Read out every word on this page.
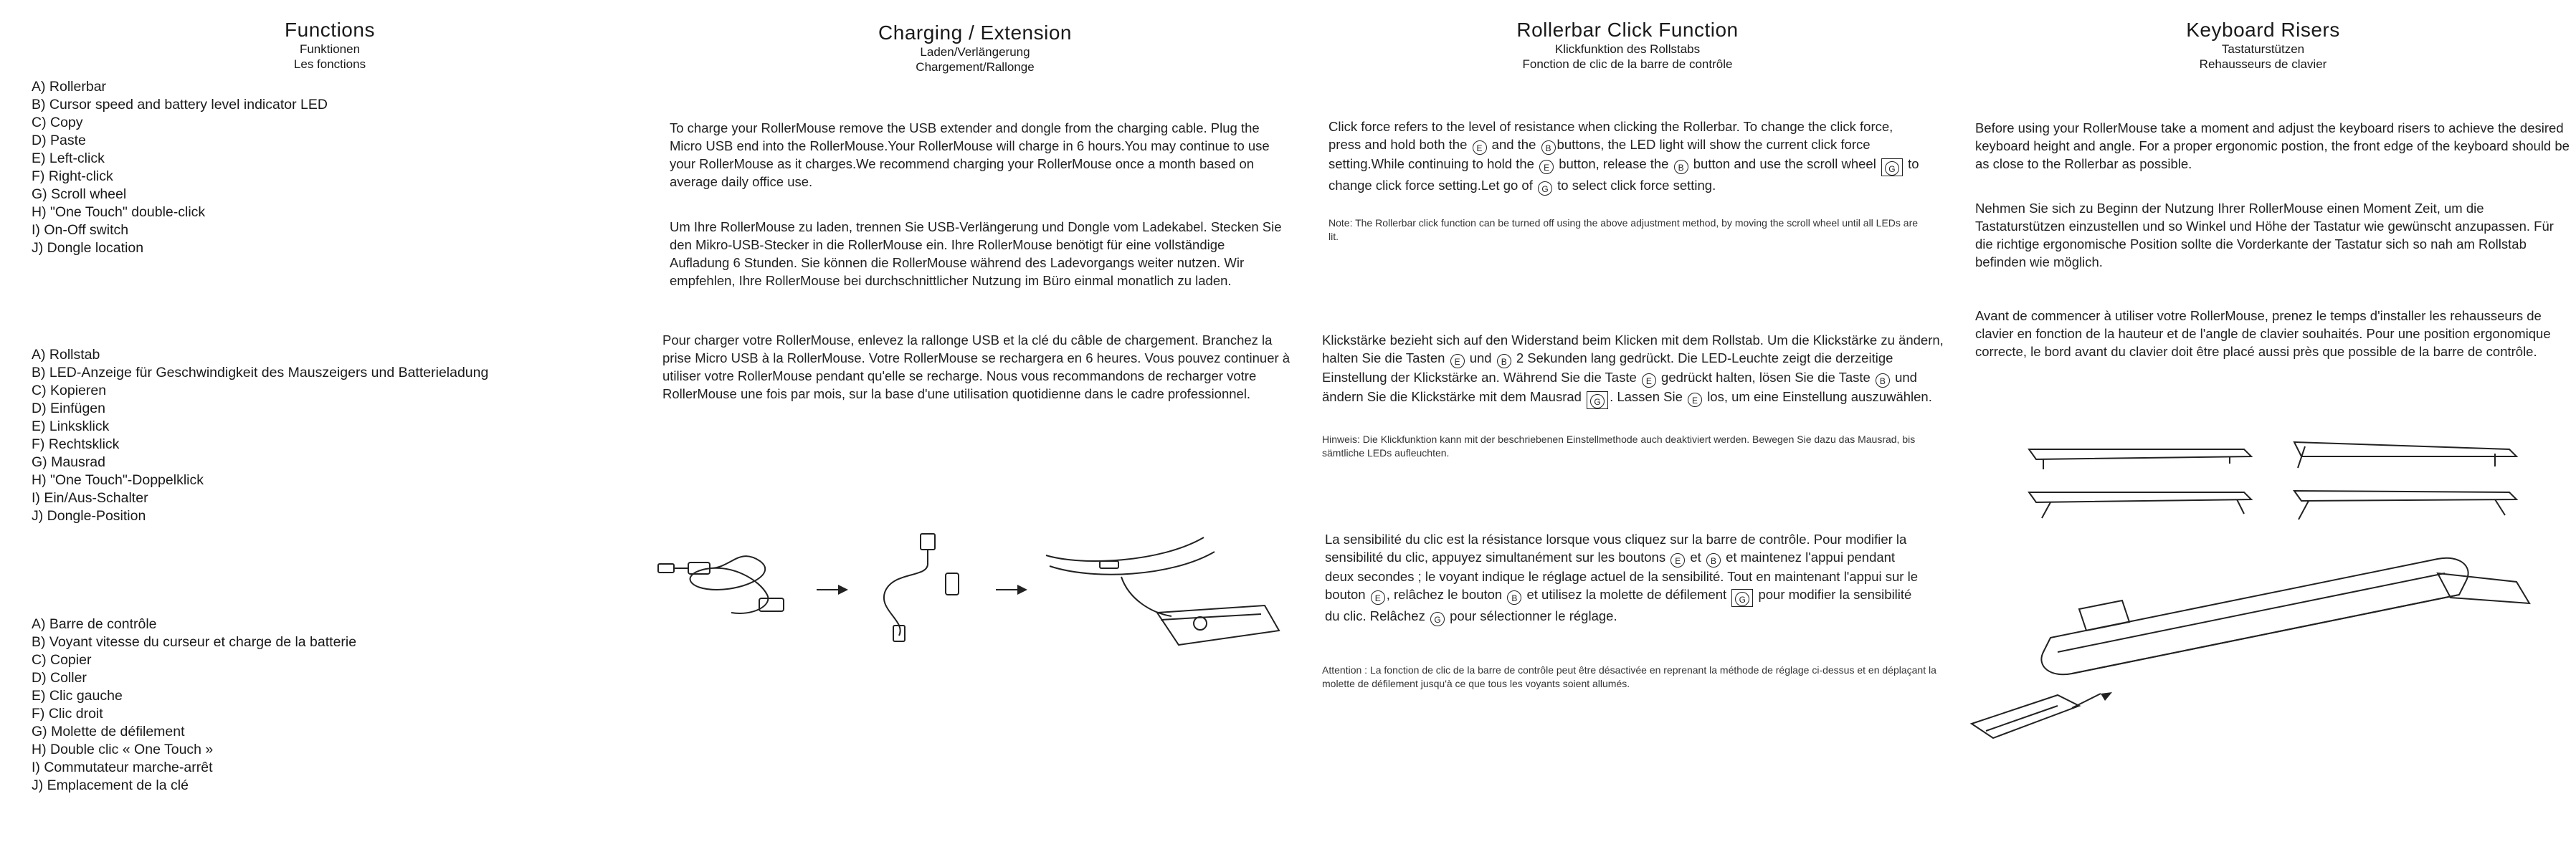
Functions
Funktionen
Les fonctions
A) Rollerbar
B) Cursor speed and battery level indicator LED
C) Copy
D) Paste
E) Left-click
F) Right-click
G) Scroll wheel
H) "One Touch" double-click
I) On-Off switch
J) Dongle location
A) Rollstab
B) LED-Anzeige für Geschwindigkeit des Mauszeigers und Batterieladung
C) Kopieren
D) Einfügen
E) Linksklick
F) Rechtsklick
G) Mausrad
H) "One Touch"-Doppelklick
I) Ein/Aus-Schalter
J) Dongle-Position
A) Barre de contrôle
B) Voyant vitesse du curseur et charge de la batterie
C) Copier
D) Coller
E) Clic gauche
F) Clic droit
G) Molette de défilement
H) Double clic « One Touch »
I) Commutateur marche-arrêt
J) Emplacement de la clé
Charging / Extension
Laden/Verlängerung
Chargement/Rallonge

To charge your RollerMouse remove the USB extender and dongle from the charging cable. Plug the Micro USB end into the RollerMouse.Your RollerMouse will charge in 6 hours.You may continue to use your RollerMouse as it charges.We recommend charging your RollerMouse once a month based on average daily office use.

Um Ihre RollerMouse zu laden, trennen Sie USB-Verlängerung und Dongle vom Ladekabel. Stecken Sie den Mikro-USB-Stecker in die RollerMouse ein. Ihre RollerMouse benötigt für eine vollständige Aufladung 6 Stunden. Sie können die RollerMouse während des Ladevorgangs weiter nutzen. Wir empfehlen, Ihre RollerMouse bei durchschnittlicher Nutzung im Büro einmal monatlich zu laden.

Pour charger votre RollerMouse, enlevez la rallonge USB et la clé du câble de chargement. Branchez la prise Micro USB à la RollerMouse. Votre RollerMouse se rechargera en 6 heures. Vous pouvez continuer à utiliser votre RollerMouse pendant qu'elle se recharge. Nous vous recommandons de recharger votre RollerMouse une fois par mois, sur la base d'une utilisation quotidienne dans le cadre professionnel.

Rollerbar Click Function
Klickfunktion des Rollstabs
Fonction de clic de la barre de contrôle

Click force refers to the level of resistance when clicking the Rollerbar. To change the click force, press and hold both the E and the B buttons, the LED light will show the current click force setting.While continuing to hold the E button, release the B button and use the scroll wheel G to change click force setting.Let go of G to select click force setting.

Note: The Rollerbar click function can be turned off using the above adjustment method, by moving the scroll wheel until all LEDs are lit.

Klickstärke bezieht sich auf den Widerstand beim Klicken mit dem Rollstab. Um die Klickstärke zu ändern, halten Sie die Tasten E und B 2 Sekunden lang gedrückt. Die LED-Leuchte zeigt die derzeitige Einstellung der Klickstärke an. Während Sie die Taste E gedrückt halten, lösen Sie die Taste B und ändern Sie die Klickstärke mit dem Mausrad G . Lassen Sie E los, um eine Einstellung auszuwählen.

Hinweis: Die Klickfunktion kann mit der beschriebenen Einstellmethode auch deaktiviert werden. Bewegen Sie dazu das Mausrad, bis sämtliche LEDs aufleuchten.

La sensibilité du clic est la résistance lorsque vous cliquez sur la barre de contrôle. Pour modifier la sensibilité du clic, appuyez simultanément sur les boutons E et B et maintenez l'appui pendant deux secondes ; le voyant indique le réglage actuel de la sensibilité. Tout en maintenant l'appui sur le bouton E , relâchez le bouton B et utilisez la molette de défilement G pour modifier la sensibilité du clic. Relâchez G pour sélectionner le réglage.

Attention : La fonction de clic de la barre de contrôle peut être désactivée en reprenant la méthode de réglage ci-dessus et en déplaçant la molette de défilement jusqu'à ce que tous les voyants soient allumés.

Keyboard Risers
Tastaturstützen
Rehausseurs de clavier

Before using your RollerMouse take a moment and adjust the keyboard risers to achieve the desired keyboard height and angle. For a proper ergonomic postion, the front edge of the keyboard should be as close to the Rollerbar as possible.

Nehmen Sie sich zu Beginn der Nutzung Ihrer RollerMouse einen Moment Zeit, um die Tastaturstützen einzustellen und so Winkel und Höhe der Tastatur wie gewünscht anzupassen. Für die richtige ergonomische Position sollte die Vorderkante der Tastatur sich so nah am Rollstab befinden wie möglich.

Avant de commencer à utiliser votre RollerMouse, prenez le temps d'installer les rehausseurs de clavier en fonction de la hauteur et de l'angle de clavier souhaités. Pour une position ergonomique correcte, le bord avant du clavier doit être placé aussi près que possible de la barre de contrôle.
